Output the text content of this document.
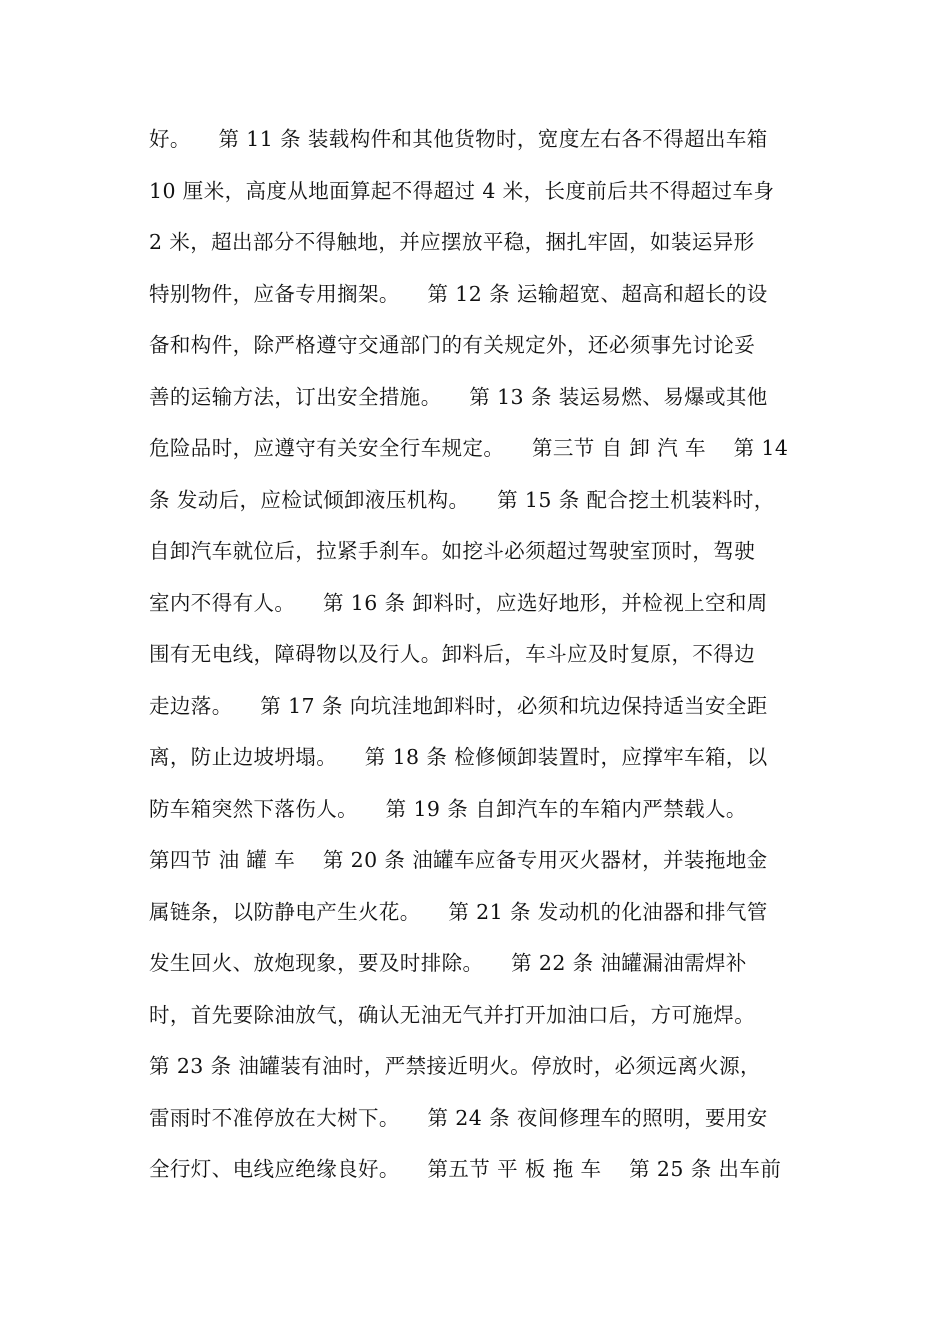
好。    第 11 条 装载构件和其他货物时，宽度左右各不得超出车箱
10 厘米，高度从地面算起不得超过 4 米，长度前后共不得超过车身
2 米，超出部分不得触地，并应摆放平稳，捆扎牢固，如装运异形
特别物件，应备专用搁架。    第 12 条 运输超宽、超高和超长的设
备和构件，除严格遵守交通部门的有关规定外，还必须事先讨论妥
善的运输方法，订出安全措施。    第 13 条 装运易燃、易爆或其他
危险品时，应遵守有关安全行车规定。    第三节 自 卸 汽 车    第 14
条 发动后，应检试倾卸液压机构。    第 15 条 配合挖土机装料时，
自卸汽车就位后，拉紧手刹车。如挖斗必须超过驾驶室顶时，驾驶
室内不得有人。    第 16 条 卸料时，应选好地形，并检视上空和周
围有无电线，障碍物以及行人。卸料后，车斗应及时复原，不得边
走边落。    第 17 条 向坑洼地卸料时，必须和坑边保持适当安全距
离，防止边坡坍塌。    第 18 条 检修倾卸装置时，应撑牢车箱，以
防车箱突然下落伤人。    第 19 条 自卸汽车的车箱内严禁载人。
第四节 油 罐 车    第 20 条 油罐车应备专用灭火器材，并装拖地金
属链条，以防静电产生火花。    第 21 条 发动机的化油器和排气管
发生回火、放炮现象，要及时排除。    第 22 条 油罐漏油需焊补
时，首先要除油放气，确认无油无气并打开加油口后，方可施焊。
第 23 条 油罐装有油时，严禁接近明火。停放时，必须远离火源，
雷雨时不准停放在大树下。    第 24 条 夜间修理车的照明，要用安
全行灯、电线应绝缘良好。    第五节 平 板 拖 车    第 25 条 出车前
